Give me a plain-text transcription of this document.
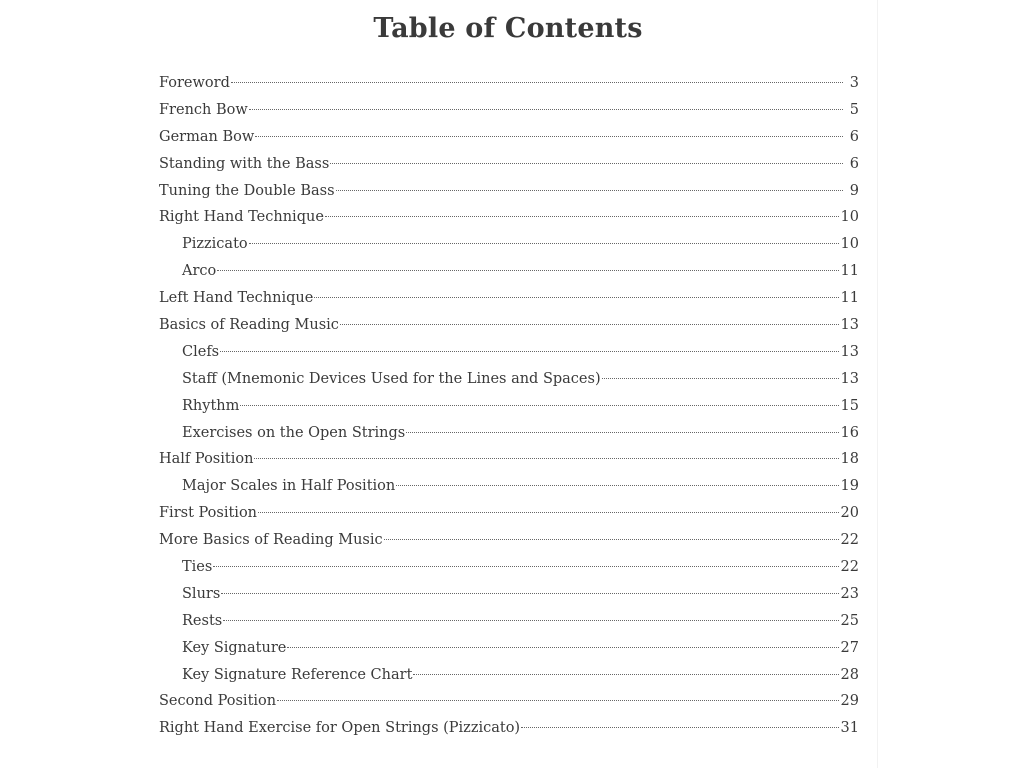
Table of Contents
Foreword	3
French Bow	5
German Bow	6
Standing with the Bass	6
Tuning the Double Bass	9
Right Hand Technique	10
Pizzicato	10
Arco	11
Left Hand Technique	11
Basics of Reading Music	13
Clefs	13
Staff (Mnemonic Devices Used for the Lines and Spaces)	13
Rhythm	15
Exercises on the Open Strings	16
Half Position	18
Major Scales in Half Position	19
First Position	20
More Basics of Reading Music	22
Ties	22
Slurs	23
Rests	25
Key Signature	27
Key Signature Reference Chart	28
Second Position	29
Right Hand Exercise for Open Strings (Pizzicato)	31
